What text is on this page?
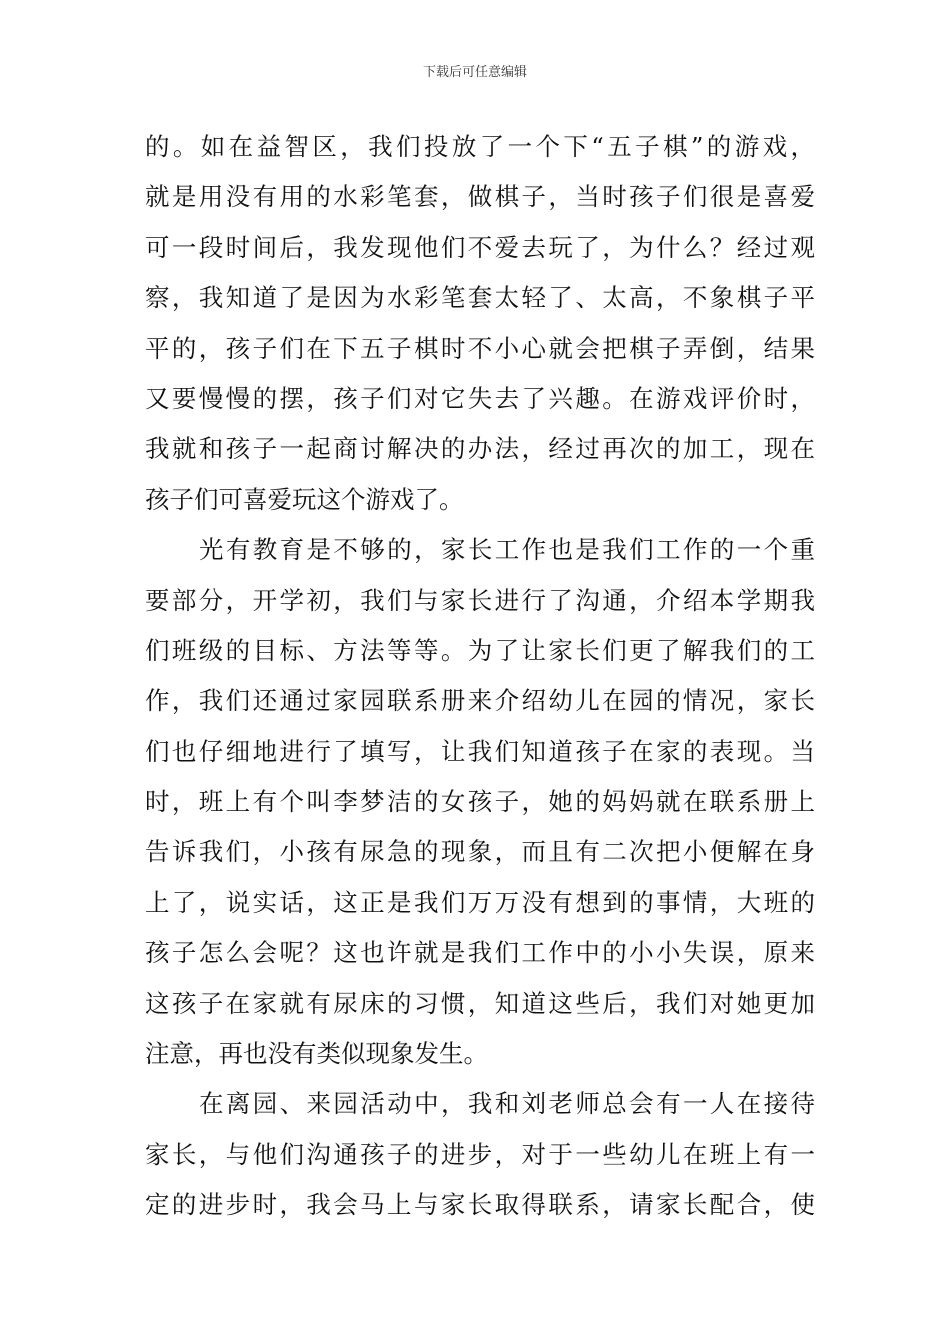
下载后可任意编辑
的。如在益智区，我们投放了一个下“五子棋”的游戏，
就是用没有用的水彩笔套，做棋子，当时孩子们很是喜爱
可一段时间后，我发现他们不爱去玩了，为什么？经过观
察，我知道了是因为水彩笔套太轻了、太高，不象棋子平
平的，孩子们在下五子棋时不小心就会把棋子弄倒，结果
又要慢慢的摆，孩子们对它失去了兴趣。在游戏评价时，
我就和孩子一起商讨解决的办法，经过再次的加工，现在
孩子们可喜爱玩这个游戏了。
光有教育是不够的，家长工作也是我们工作的一个重
要部分，开学初，我们与家长进行了沟通，介绍本学期我
们班级的目标、方法等等。为了让家长们更了解我们的工
作，我们还通过家园联系册来介绍幼儿在园的情况，家长
们也仔细地进行了填写，让我们知道孩子在家的表现。当
时，班上有个叫李梦洁的女孩子，她的妈妈就在联系册上
告诉我们，小孩有尿急的现象，而且有二次把小便解在身
上了，说实话，这正是我们万万没有想到的事情，大班的
孩子怎么会呢？这也许就是我们工作中的小小失误，原来
这孩子在家就有尿床的习惯，知道这些后，我们对她更加
注意，再也没有类似现象发生。
在离园、来园活动中，我和刘老师总会有一人在接待
家长，与他们沟通孩子的进步，对于一些幼儿在班上有一
定的进步时，我会马上与家长取得联系，请家长配合，使
